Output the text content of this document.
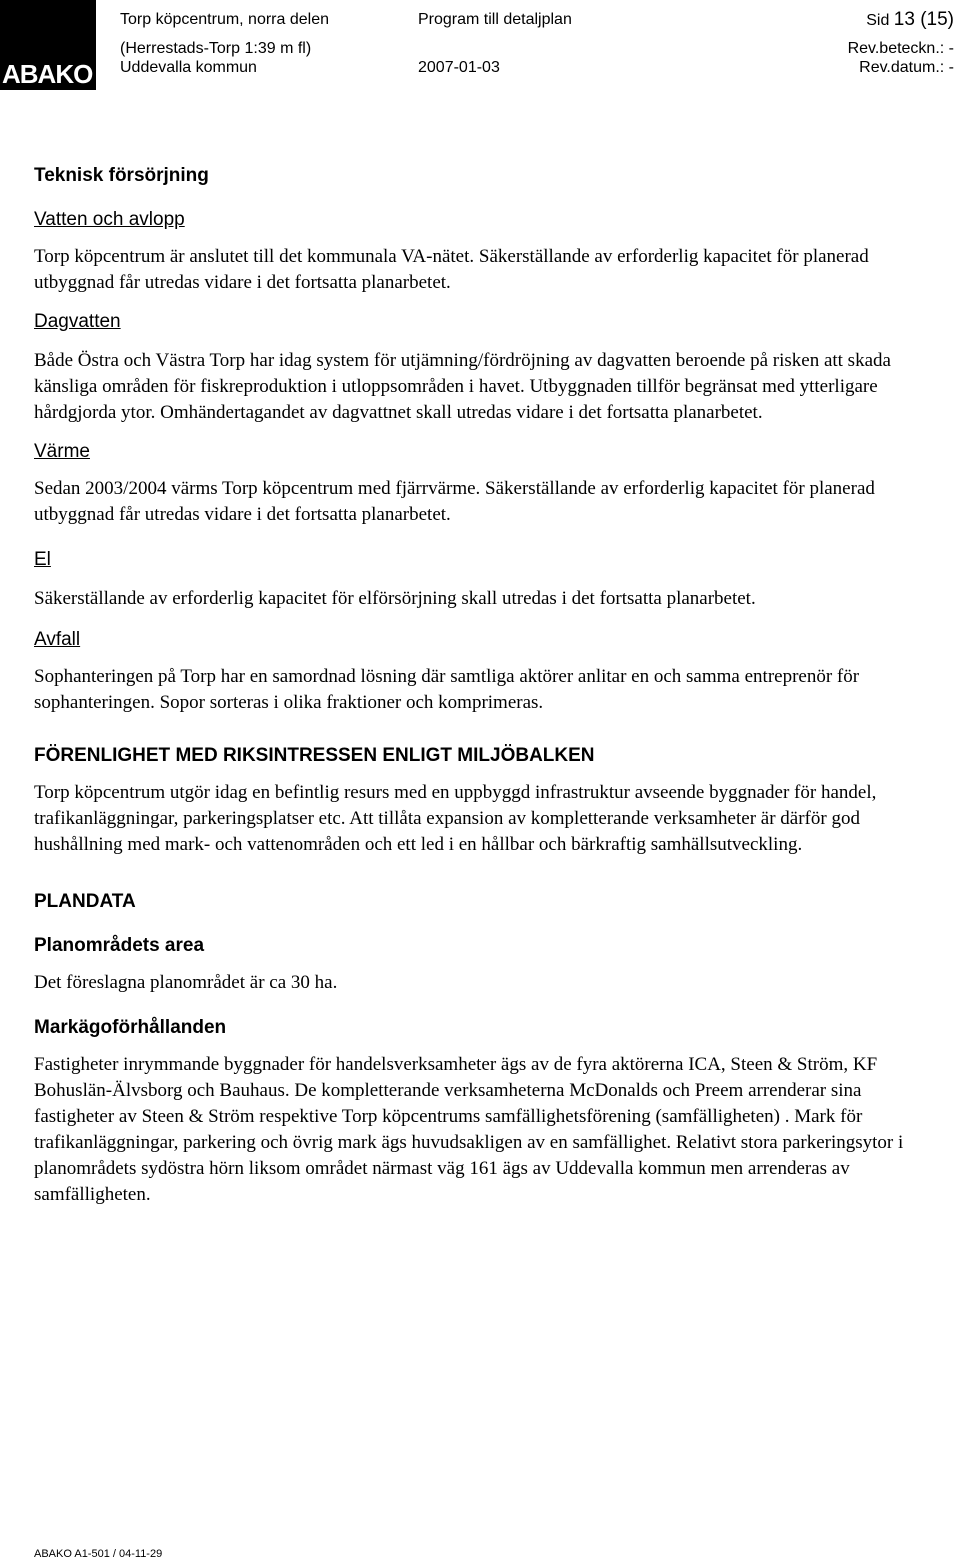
ABAKO
Torp köpcentrum, norra delen
(Herrestads-Torp 1:39 m fl)
Uddevalla kommun
Program till detaljplan
2007-01-03
Sid 13 (15)
Rev.beteckn.: -
Rev.datum.: -
Teknisk försörjning
Vatten och avlopp

Torp köpcentrum är anslutet till det kommunala VA-nätet. Säkerställande av erforderlig kapacitet för planerad utbyggnad får utredas vidare i det fortsatta planarbetet.

Dagvatten

Både Östra och Västra Torp har idag system för utjämning/fördröjning av dagvatten beroende på risken att skada känsliga områden för fiskreproduktion i utloppsområden i havet. Utbyggnaden tillför begränsat med ytterligare hårdgjorda ytor. Omhändertagandet av dagvattnet skall utredas vidare i det fortsatta planarbetet.

Värme

Sedan 2003/2004 värms Torp köpcentrum med fjärrvärme. Säkerställande av erforderlig kapacitet för planerad utbyggnad får utredas vidare i det fortsatta planarbetet.

El

Säkerställande av erforderlig kapacitet för elförsörjning skall utredas i det fortsatta planarbetet.

Avfall

Sophanteringen på Torp har en samordnad lösning där samtliga aktörer anlitar en och samma entreprenör för sophanteringen. Sopor sorteras i olika fraktioner och komprimeras.

FÖRENLIGHET MED RIKSINTRESSEN ENLIGT MILJÖBALKEN

Torp köpcentrum utgör idag en befintlig resurs med en uppbyggd infrastruktur avseende byggnader för handel, trafikanläggningar, parkeringsplatser etc. Att tillåta expansion av kompletterande verksamheter är därför god hushållning med mark- och vattenområden och ett led i en hållbar och bärkraftig samhällsutveckling.

PLANDATA
Planområdets area

Det föreslagna planområdet är ca 30 ha.

Markägoförhållanden

Fastigheter inrymmande byggnader för handelsverksamheter ägs av de fyra aktörerna ICA, Steen & Ström, KF Bohuslän-Älvsborg och Bauhaus. De kompletterande verksamheterna McDonalds och Preem arrenderar sina fastigheter av Steen & Ström respektive Torp köpcentrums samfällighetsförening (samfälligheten) . Mark för trafikanläggningar, parkering och övrig mark ägs huvudsakligen av en samfällighet. Relativt stora parkeringsytor i planområdets sydöstra hörn liksom området närmast väg 161 ägs av Uddevalla kommun men arrenderas av samfälligheten.

ABAKO A1-501 / 04-11-29
